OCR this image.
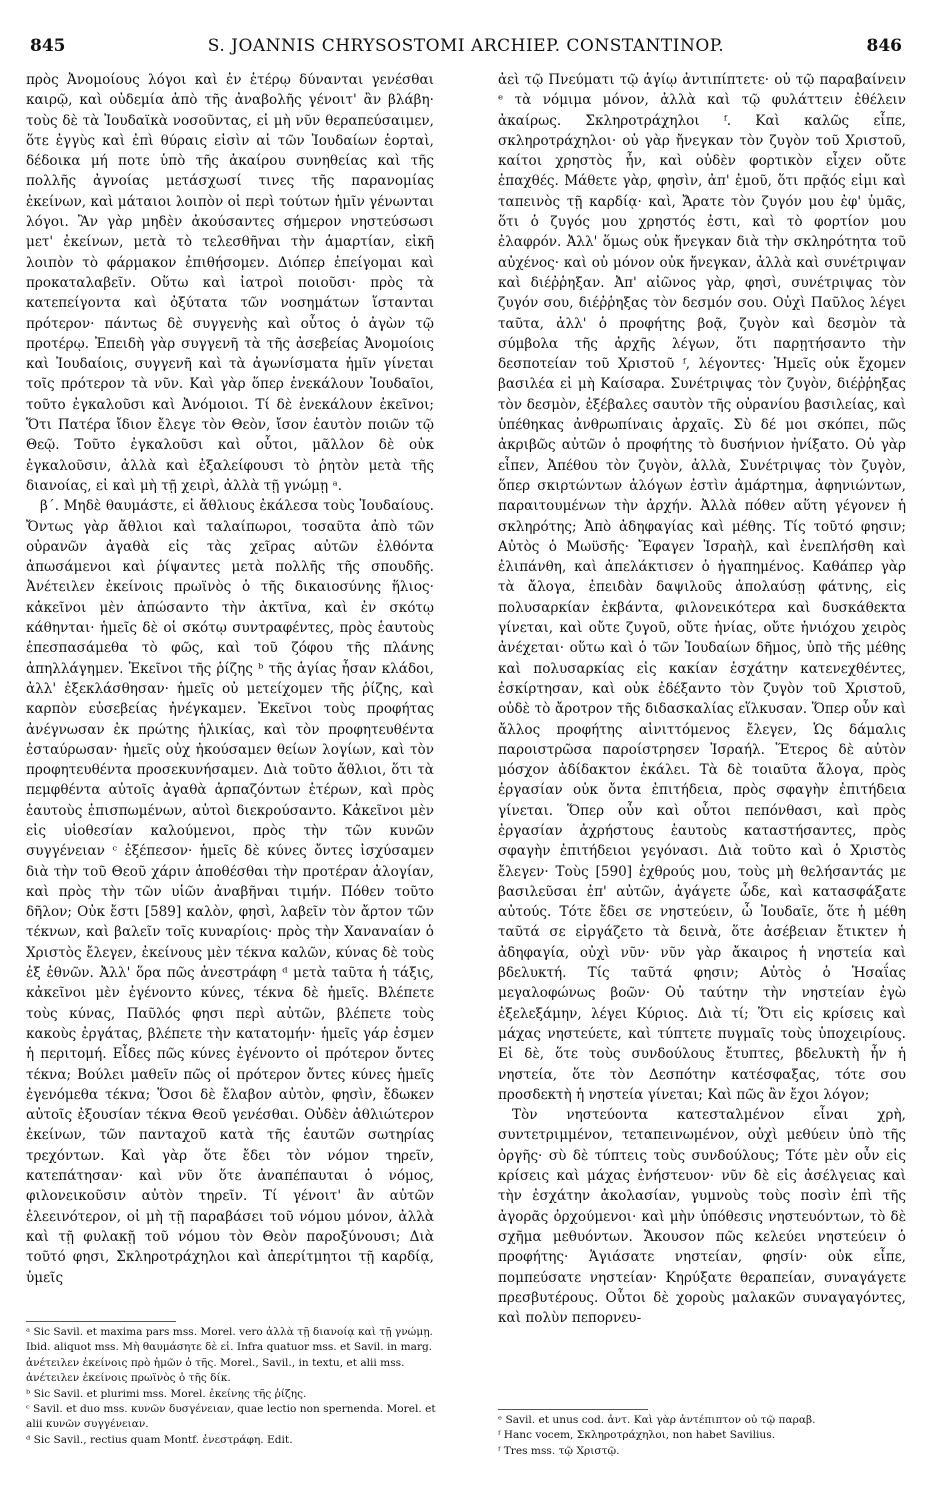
845	S. JOANNIS CHRYSOSTOMI ARCHIEP. CONSTANTINOP.	846

πρὸς Ἀνομοίους λόγοι καὶ ἐν ἑτέρῳ δύνανται γενέσθαι καιρῷ, καὶ οὐδεμία ἀπὸ τῆς ἀναβολῆς γένοιτ' ἂν βλάβη· τοὺς δὲ τὰ Ἰουδαϊκὰ νοσοῦντας, εἰ μὴ νῦν θεραπεύσαιμεν, ὅτε ἐγγὺς καὶ ἐπὶ θύραις εἰσὶν αἱ τῶν Ἰουδαίων ἑορταὶ, δέδοικα μή ποτε ὑπὸ τῆς ἀκαίρου συνηθείας καὶ τῆς πολλῆς ἀγνοίας μετάσχωσί τινες τῆς παρανομίας ἐκείνων, καὶ μάταιοι λοιπὸν οἱ περὶ τούτων ἡμῖν γένωνται λόγοι. Ἂν γὰρ μηδὲν ἀκούσαντες σήμερον νηστεύσωσι μετ' ἐκείνων, μετὰ τὸ τελεσθῆναι τὴν ἁμαρτίαν, εἰκῆ λοιπὸν τὸ φάρμακον ἐπιθήσομεν. Διόπερ ἐπείγομαι καὶ προκαταλαβεῖν. Οὕτω καὶ ἰατροὶ ποιοῦσι· πρὸς τὰ κατεπείγοντα καὶ ὀξύτατα τῶν νοσημάτων ἵστανται πρότερον· πάντως δὲ συγγενὴς καὶ οὗτος ὁ ἀγὼν τῷ προτέρῳ. Ἐπειδὴ γὰρ συγγενῆ τὰ τῆς ἀσεβείας Ἀνομοίοις καὶ Ἰουδαίοις, συγγενῆ καὶ τὰ ἀγωνίσματα ἡμῖν γίνεται τοῖς πρότερον τὰ νῦν. Καὶ γὰρ ὅπερ ἐνεκάλουν Ἰουδαῖοι, τοῦτο ἐγκαλοῦσι καὶ Ἀνόμοιοι. Τί δὲ ἐνεκάλουν ἐκεῖνοι; Ὅτι Πατέρα ἴδιον ἔλεγε τὸν Θεὸν, ἴσον ἑαυτὸν ποιῶν τῷ Θεῷ. Τοῦτο ἐγκαλοῦσι καὶ οὗτοι, μᾶλλον δὲ οὐκ ἐγκαλοῦσιν, ἀλλὰ καὶ ἐξαλείφουσι τὸ ῥητὸν μετὰ τῆς διανοίας, εἰ καὶ μὴ τῇ χειρὶ, ἀλλὰ τῇ γνώμῃ ᵃ.

β΄. Μηδὲ θαυμάστε, εἰ ἄθλιους ἐκάλεσα τοὺς Ἰουδαίους. Ὄντως γὰρ ἄθλιοι καὶ ταλαίπωροι, τοσαῦτα ἀπὸ τῶν οὐρανῶν ἀγαθὰ εἰς τὰς χεῖρας αὐτῶν ἐλθόντα ἀπωσάμενοι καὶ ῥίψαντες μετὰ πολλῆς τῆς σπουδῆς. Ἀνέτειλεν ἐκείνοις πρωϊνὸς ὁ τῆς δικαιοσύνης ἥλιος· κἀκεῖνοι μὲν ἀπώσαντο τὴν ἀκτῖνα, καὶ ἐν σκότῳ κάθηνται· ἡμεῖς δὲ οἱ σκότῳ συντραφέντες, πρὸς ἑαυτοὺς ἐπεσπασάμεθα τὸ φῶς, καὶ τοῦ ζόφου τῆς πλάνης ἀπηλλάγημεν. Ἐκεῖνοι τῆς ῥίζης ᵇ τῆς ἁγίας ἦσαν κλάδοι, ἀλλ' ἐξεκλάσθησαν· ἡμεῖς οὐ μετείχομεν τῆς ῥίζης, καὶ καρπὸν εὐσεβείας ἠνέγκαμεν. Ἐκεῖνοι τοὺς προφήτας ἀνέγνωσαν ἐκ πρώτης ἡλικίας, καὶ τὸν προφητευθέντα ἐσταύρωσαν· ἡμεῖς οὐχ ἠκούσαμεν θείων λογίων, καὶ τὸν προφητευθέντα προσεκυνήσαμεν. Διὰ τοῦτο ἄθλιοι, ὅτι τὰ πεμφθέντα αὐτοῖς ἀγαθὰ ἁρπαζόντων ἑτέρων, καὶ πρὸς ἑαυτοὺς ἐπισπωμένων, αὐτοὶ διεκρούσαντο. Κἀκεῖνοι μὲν εἰς υἱοθεσίαν καλούμενοι, πρὸς τὴν τῶν κυνῶν συγγένειαν ᶜ ἐξέπεσον· ἡμεῖς δὲ κύνες ὄντες ἰσχύσαμεν διὰ τὴν τοῦ Θεοῦ χάριν ἀποθέσθαι τὴν προτέραν ἀλογίαν, καὶ πρὸς τὴν τῶν υἱῶν ἀναβῆναι τιμήν. Πόθεν τοῦτο δῆλον; Οὐκ ἔστι [589] καλὸν, φησὶ, λαβεῖν τὸν ἄρτον τῶν τέκνων, καὶ βαλεῖν τοῖς κυναρίοις· πρὸς τὴν Χαναναίαν ὁ Χριστὸς ἔλεγεν, ἐκείνους μὲν τέκνα καλῶν, κύνας δὲ τοὺς ἐξ ἐθνῶν. Ἀλλ' ὅρα πῶς ἀνεστράφη ᵈ μετὰ ταῦτα ἡ τάξις, κἀκεῖνοι μὲν ἐγένοντο κύνες, τέκνα δὲ ἡμεῖς. Βλέπετε τοὺς κύνας, Παῦλός φησι περὶ αὐτῶν, βλέπετε τοὺς κακοὺς ἐργάτας, βλέπετε τὴν κατατομήν· ἡμεῖς γάρ ἐσμεν ἡ περιτομή. Εἶδες πῶς κύνες ἐγένοντο οἱ πρότερον ὄντες τέκνα; Βούλει μαθεῖν πῶς οἱ πρότερον ὄντες κύνες ἡμεῖς ἐγενόμεθα τέκνα; Ὅσοι δὲ ἔλαβον αὐτὸν, φησὶν, ἔδωκεν αὐτοῖς ἐξουσίαν τέκνα Θεοῦ γενέσθαι. Οὐδὲν ἀθλιώτερον ἐκείνων, τῶν πανταχοῦ κατὰ τῆς ἑαυτῶν σωτηρίας τρεχόντων. Καὶ γὰρ ὅτε ἔδει τὸν νόμον τηρεῖν, κατεπάτησαν· καὶ νῦν ὅτε ἀναπέπαυται ὁ νόμος, φιλονεικοῦσιν αὐτὸν τηρεῖν. Τί γένοιτ' ἂν αὐτῶν ἐλεεινότερον, οἱ μὴ τῇ παραβάσει τοῦ νόμου μόνον, ἀλλὰ καὶ τῇ φυλακῇ τοῦ νόμου τὸν Θεὸν παροξύνουσι; Διὰ τοῦτό φησι, Σκληροτράχηλοι καὶ ἀπερίτμητοι τῇ καρδίᾳ, ὑμεῖς

ἀεὶ τῷ Πνεύματι τῷ ἁγίῳ ἀντιπίπτετε· οὐ τῷ παραβαίνειν ᵉ τὰ νόμιμα μόνον, ἀλλὰ καὶ τῷ φυλάττειν ἐθέλειν ἀκαίρως. Σκληροτράχηλοι ᶠ. Καὶ καλῶς εἶπε, σκληροτράχηλοι· οὐ γὰρ ἤνεγκαν τὸν ζυγὸν τοῦ Χριστοῦ, καίτοι χρηστὸς ἦν, καὶ οὐδὲν φορτικὸν εἶχεν οὔτε ἐπαχθές. Μάθετε γὰρ, φησὶν, ἀπ' ἐμοῦ, ὅτι πρᾷός εἰμι καὶ ταπεινὸς τῇ καρδίᾳ· καὶ, Ἄρατε τὸν ζυγόν μου ἐφ' ὑμᾶς, ὅτι ὁ ζυγός μου χρηστός ἐστι, καὶ τὸ φορτίον μου ἐλαφρόν. Ἀλλ' ὅμως οὐκ ἤνεγκαν διὰ τὴν σκληρότητα τοῦ αὐχένος· καὶ οὐ μόνον οὐκ ἤνεγκαν, ἀλλὰ καὶ συνέτριψαν καὶ διέῤῥηξαν. Ἀπ' αἰῶνος γὰρ, φησὶ, συνέτριψας τὸν ζυγόν σου, διέῤῥηξας τὸν δεσμόν σου. Οὐχὶ Παῦλος λέγει ταῦτα, ἀλλ' ὁ προφήτης βοᾷ, ζυγὸν καὶ δεσμὸν τὰ σύμβολα τῆς ἀρχῆς λέγων, ὅτι παρῃτήσαντο τὴν δεσποτείαν τοῦ Χριστοῦ ᶠ, λέγοντες· Ἡμεῖς οὐκ ἔχομεν βασιλέα εἰ μὴ Καίσαρα. Συνέτριψας τὸν ζυγὸν, διέῤῥηξας τὸν δεσμὸν, ἐξέβαλες σαυτὸν τῆς οὐρανίου βασιλείας, καὶ ὑπέθηκας ἀνθρωπίναις ἀρχαῖς. Σὺ δέ μοι σκόπει, πῶς ἀκριβῶς αὐτῶν ὁ προφήτης τὸ δυσήνιον ἠνίξατο. Οὐ γὰρ εἶπεν, Ἀπέθου τὸν ζυγὸν, ἀλλὰ, Συνέτριψας τὸν ζυγὸν, ὅπερ σκιρτώντων ἀλόγων ἐστὶν ἁμάρτημα, ἀφηνιώντων, παραιτουμένων τὴν ἀρχήν. Ἀλλὰ πόθεν αὕτη γέγονεν ἡ σκληρότης; Ἀπὸ ἀδηφαγίας καὶ μέθης. Τίς τοῦτό φησιν; Αὐτὸς ὁ Μωϋσῆς· Ἔφαγεν Ἰσραὴλ, καὶ ἐνεπλήσθη καὶ ἐλιπάνθη, καὶ ἀπελάκτισεν ὁ ἠγαπημένος. Καθάπερ γὰρ τὰ ἄλογα, ἐπειδὰν δαψιλοῦς ἀπολαύσῃ φάτνης, εἰς πολυσαρκίαν ἐκβάντα, φιλονεικότερα καὶ δυσκάθεκτα γίνεται, καὶ οὔτε ζυγοῦ, οὔτε ἡνίας, οὔτε ἡνιόχου χειρὸς ἀνέχεται· οὕτω καὶ ὁ τῶν Ἰουδαίων δῆμος, ὑπὸ τῆς μέθης καὶ πολυσαρκίας εἰς κακίαν ἐσχάτην κατενεχθέντες, ἐσκίρτησαν, καὶ οὐκ ἐδέξαντο τὸν ζυγὸν τοῦ Χριστοῦ, οὐδὲ τὸ ἄροτρον τῆς διδασκαλίας εἵλκυσαν. Ὅπερ οὖν καὶ ἄλλος προφήτης αἰνιττόμενος ἔλεγεν, Ὡς δάμαλις παροιστρῶσα παροίστρησεν Ἰσραήλ. Ἕτερος δὲ αὐτὸν μόσχον ἀδίδακτον ἐκάλει. Τὰ δὲ τοιαῦτα ἄλογα, πρὸς ἐργασίαν οὐκ ὄντα ἐπιτήδεια, πρὸς σφαγὴν ἐπιτήδεια γίνεται. Ὅπερ οὖν καὶ οὗτοι πεπόνθασι, καὶ πρὸς ἐργασίαν ἀχρήστους ἑαυτοὺς καταστήσαντες, πρὸς σφαγὴν ἐπιτήδειοι γεγόνασι. Διὰ τοῦτο καὶ ὁ Χριστὸς ἔλεγεν· Τοὺς [590] ἐχθρούς μου, τοὺς μὴ θελήσαντάς με βασιλεῦσαι ἐπ' αὐτῶν, ἀγάγετε ὧδε, καὶ κατασφάξατε αὐτούς. Τότε ἔδει σε νηστεύειν, ὦ Ἰουδαῖε, ὅτε ἡ μέθη ταῦτά σε εἰργάζετο τὰ δεινὰ, ὅτε ἀσέβειαν ἔτικτεν ἡ ἀδηφαγία, οὐχὶ νῦν· νῦν γὰρ ἄκαιρος ἡ νηστεία καὶ βδελυκτή. Τίς ταῦτά φησιν; Αὐτὸς ὁ Ἡσαΐας μεγαλοφώνως βοῶν· Οὐ ταύτην τὴν νηστείαν ἐγὼ ἐξελεξάμην, λέγει Κύριος. Διὰ τί; Ὅτι εἰς κρίσεις καὶ μάχας νηστεύετε, καὶ τύπτετε πυγμαῖς τοὺς ὑποχειρίους. Εἰ δὲ, ὅτε τοὺς συνδούλους ἔτυπτες, βδελυκτὴ ἦν ἡ νηστεία, ὅτε τὸν Δεσπότην κατέσφαξας, τότε σου προσδεκτὴ ἡ νηστεία γίνεται; Καὶ πῶς ἂν ἔχοι λόγον;

Τὸν νηστεύοντα κατεσταλμένον εἶναι χρὴ, συντετριμμένον, τεταπεινωμένον, οὐχὶ μεθύειν ὑπὸ τῆς ὀργῆς· σὺ δὲ τύπτεις τοὺς συνδούλους; Τότε μὲν οὖν εἰς κρίσεις καὶ μάχας ἐνήστευον· νῦν δὲ εἰς ἀσέλγειας καὶ τὴν ἐσχάτην ἀκολασίαν, γυμνοὺς τοὺς ποσὶν ἐπὶ τῆς ἀγορᾶς ὀρχούμενοι· καὶ μὴν ὑπόθεσις νηστευόντων, τὸ δὲ σχῆμα μεθυόντων. Ἄκουσον πῶς κελεύει νηστεύειν ὁ προφήτης· Ἁγιάσατε νηστείαν, φησίν· οὐκ εἶπε, πομπεύσατε νηστείαν· Κηρύξατε θεραπείαν, συναγάγετε πρεσβυτέρους. Οὗτοι δὲ χοροὺς μαλακῶν συναγαγόντες, καὶ πολὺν πεπορνευ-

ᵃ Sic Savil. et maxima pars mss. Morel. vero ἀλλὰ τῇ διανοίᾳ καὶ τῇ γνώμῃ. Ibid. aliquot mss. Μὴ θαυμάσητε δὲ εἰ. Infra quatuor mss. et Savil. in marg. ἀνέτειλεν ἐκείνοις πρὸ ἡμῶν ὁ τῆς. Morel., Savil., in textu, et alii mss. ἀνέτειλεν ἐκείνοις πρωϊνὸς ὁ τῆς δίκ.
ᵇ Sic Savil. et plurimi mss. Morel. ἐκείνης τῆς ῥίζης.
ᶜ Savil. et duo mss. κυνῶν δυσγένειαν, quae lectio non spernenda. Morel. et alii κυνῶν συγγένειαν.
ᵈ Sic Savil., rectius quam Montf. ἐνεστράφη. Edit.
ᵉ Savil. et unus cod. ἀντ. Καὶ γὰρ ἀντέπιπτον οὐ τῷ παραβ.
ᶠ Hanc vocem, Σκληροτράχηλοι, non habet Savilius.
ᶠ Tres mss. τῷ Χριστῷ.
